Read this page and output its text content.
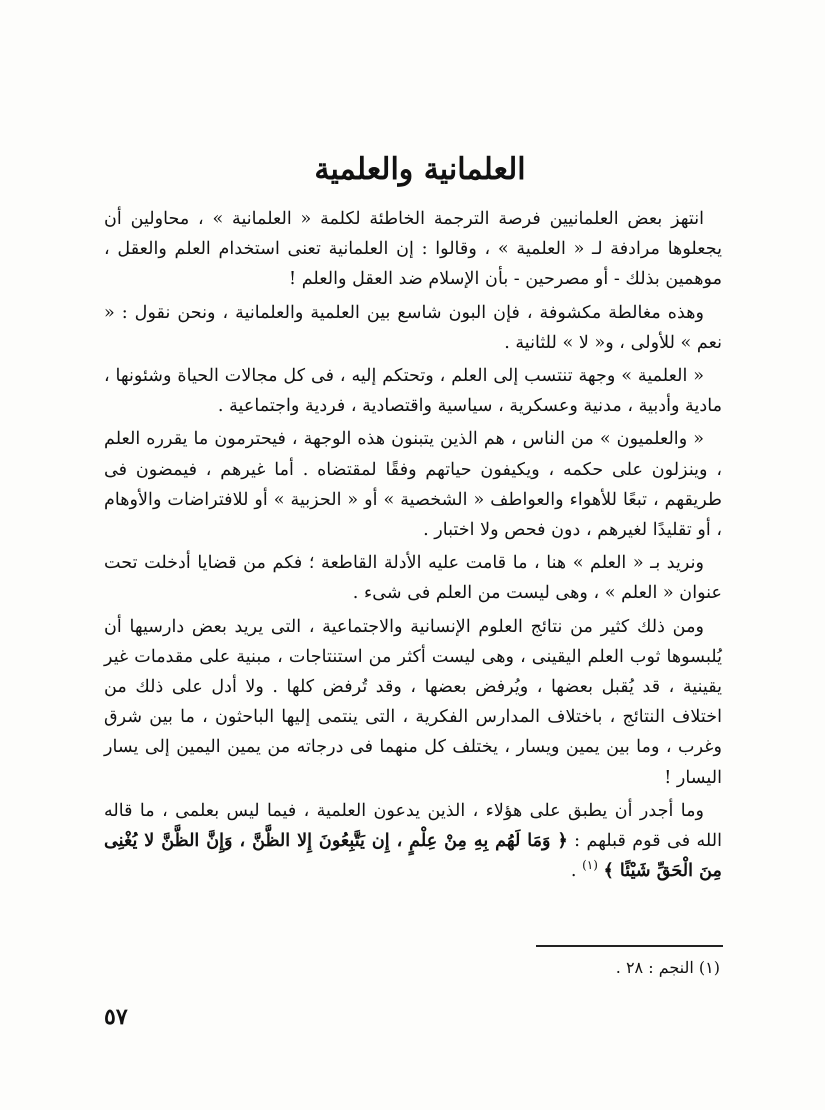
العلمانية والعلمية

انتهز بعض العلمانيين فرصة الترجمة الخاطئة لكلمة « العلمانية » ، محاولين أن يجعلوها مرادفة لـ « العلمية » ، وقالوا : إن العلمانية تعنى استخدام العلم والعقل ، موهمين بذلك - أو مصرحين - بأن الإسلام ضد العقل والعلم !

وهذه مغالطة مكشوفة ، فإن البون شاسع بين العلمية والعلمانية ، ونحن نقول : « نعم » للأولى ، و« لا » للثانية .

« العلمية » وجهة تنتسب إلى العلم ، وتحتكم إليه ، فى كل مجالات الحياة وشئونها ، مادية وأدبية ، مدنية وعسكرية ، سياسية واقتصادية ، فردية واجتماعية .

« والعلميون » من الناس ، هم الذين يتبنون هذه الوجهة ، فيحترمون ما يقرره العلم ، وينزلون على حكمه ، ويكيفون حياتهم وفقًا لمقتضاه . أما غيرهم ، فيمضون فى طريقهم ، تبعًا للأهواء والعواطف « الشخصية » أو « الحزبية » أو للافتراضات والأوهام ، أو تقليدًا لغيرهم ، دون فحص ولا اختبار .

ونريد بـ « العلم » هنا ، ما قامت عليه الأدلة القاطعة ؛ فكم من قضايا أدخلت تحت عنوان « العلم » ، وهى ليست من العلم فى شىء .

ومن ذلك كثير من نتائج العلوم الإنسانية والاجتماعية ، التى يريد بعض دارسيها أن يُلبسوها ثوب العلم اليقينى ، وهى ليست أكثر من استنتاجات ، مبنية على مقدمات غير يقينية ، قد يُقبل بعضها ، ويُرفض بعضها ، وقد تُرفض كلها . ولا أدل على ذلك من اختلاف النتائج ، باختلاف المدارس الفكرية ، التى ينتمى إليها الباحثون ، ما بين شرق وغرب ، وما بين يمين ويسار ، يختلف كل منهما فى درجاته من يمين اليمين إلى يسار اليسار !

وما أجدر أن يطبق على هؤلاء ، الذين يدعون العلمية ، فيما ليس بعلمى ، ما قاله الله فى قوم قبلهم : ﴿ وَمَا لَهُم بِهِ مِنْ عِلْمٍ ، إِن يَتَّبِعُونَ إِلا الظَّنَّ ، وَإِنَّ الظَّنَّ لا يُغْنِى مِنَ الْحَقِّ شَيْئًا ﴾ $^{(١)}$ .

(١) النجم : ٢٨ .
٥٧
